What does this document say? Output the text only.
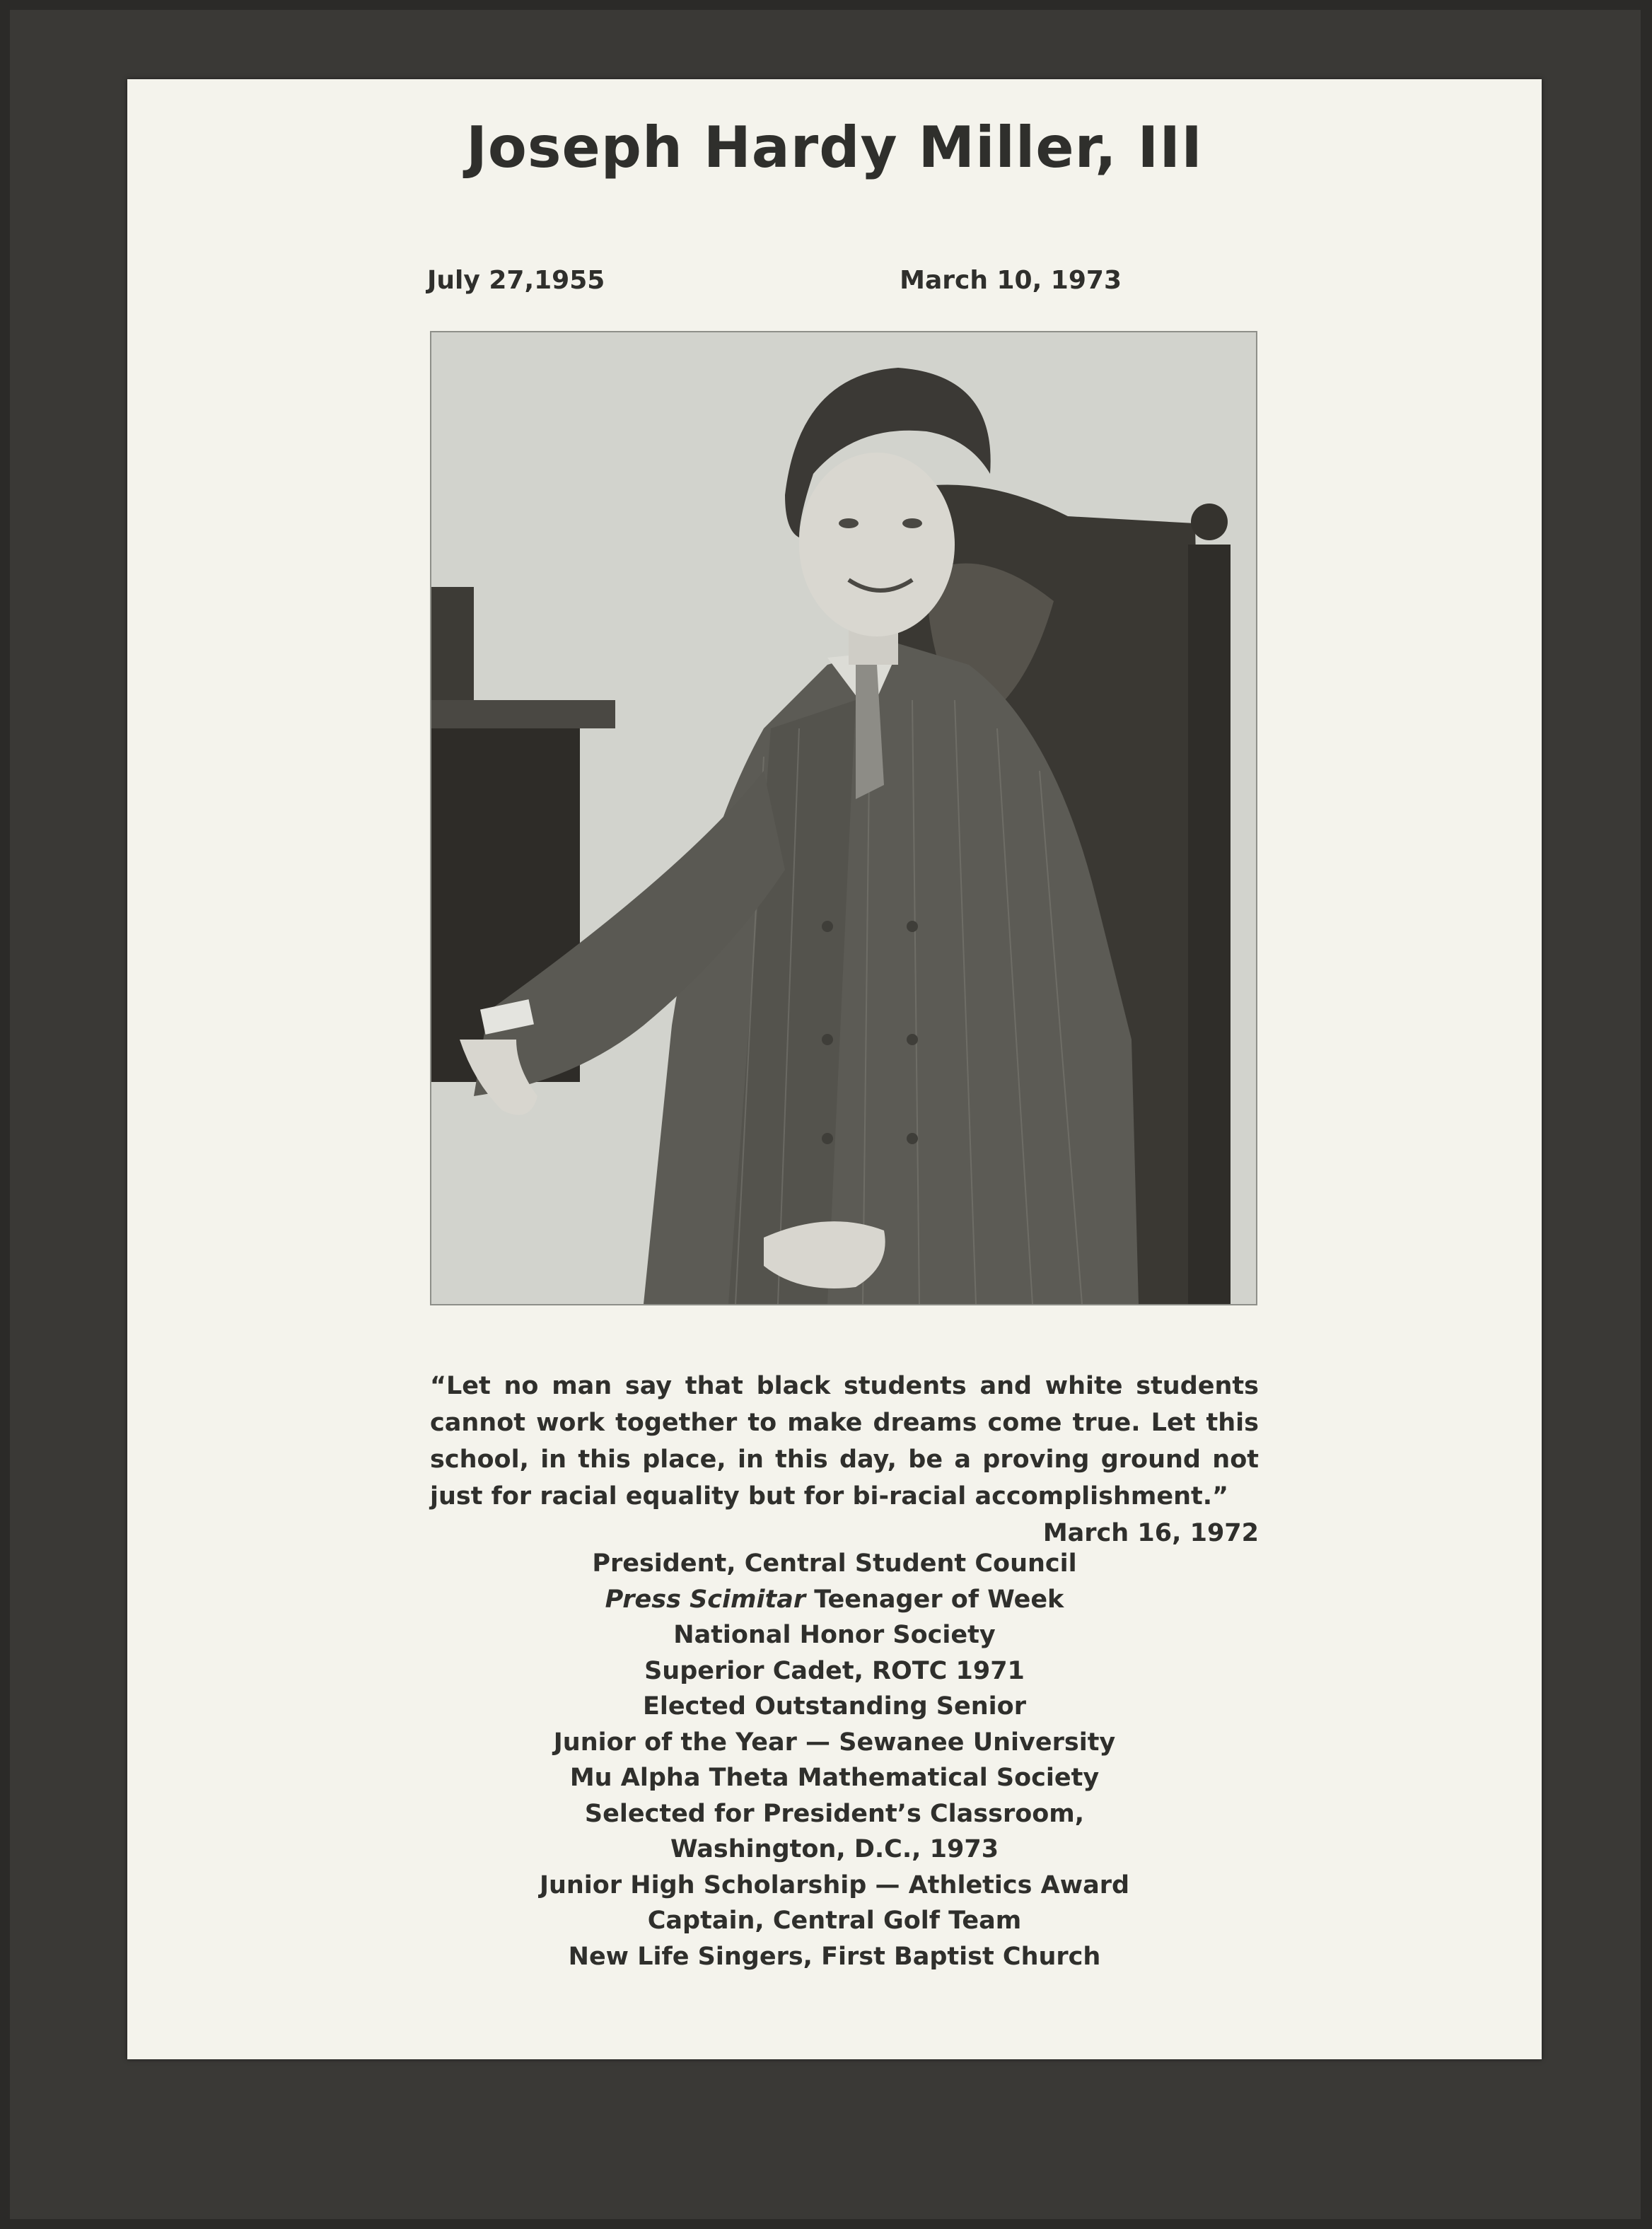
Joseph Hardy Miller, III
July 27,1955	March 10, 1973
“Let no man say that black students and white students cannot work together to make dreams come true. Let this school, in this place, in this day, be a proving ground not just for racial equality but for bi-racial accomplishment.”
March 16, 1972
President, Central Student Council
Press Scimitar Teenager of Week
National Honor Society
Superior Cadet, ROTC 1971
Elected Outstanding Senior
Junior of the Year — Sewanee University
Mu Alpha Theta Mathematical Society
Selected for President’s Classroom,
Washington, D.C., 1973
Junior High Scholarship — Athletics Award
Captain, Central Golf Team
New Life Singers, First Baptist Church
